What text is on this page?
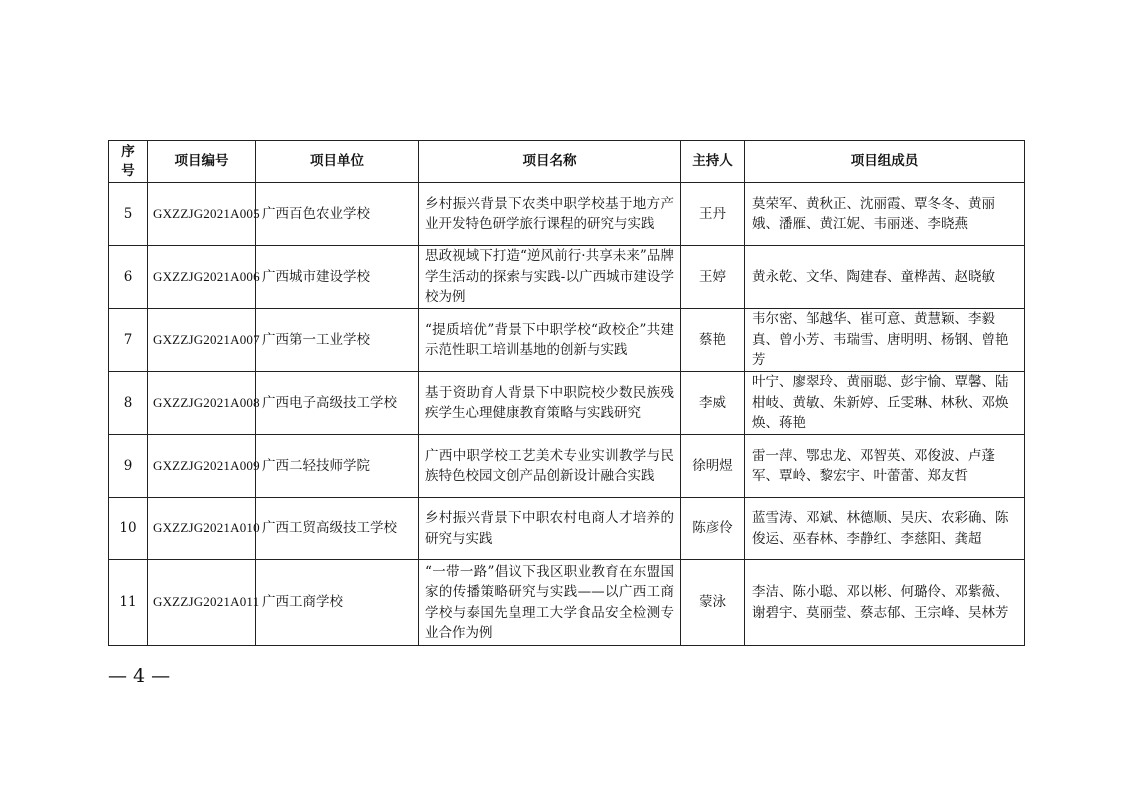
序号	项目编号	项目单位	项目名称	主持人	项目组成员
5	GXZZJG2021A005	广西百色农业学校	乡村振兴背景下农类中职学校基于地方产业开发特色研学旅行课程的研究与实践	王丹	莫荣军、黄秋正、沈丽霞、覃冬冬、黄丽娥、潘雁、黄江妮、韦丽迷、李晓燕
6	GXZZJG2021A006	广西城市建设学校	思政视域下打造“逆风前行·共享未来”品牌学生活动的探索与实践-以广西城市建设学校为例	王婷	黄永乾、文华、陶建春、童桦茜、赵晓敏
7	GXZZJG2021A007	广西第一工业学校	“提质培优”背景下中职学校“政校企”共建示范性职工培训基地的创新与实践	蔡艳	韦尔密、邹越华、崔可意、黄慧颖、李毅真、曾小芳、韦瑞雪、唐明明、杨钢、曾艳芳
8	GXZZJG2021A008	广西电子高级技工学校	基于资助育人背景下中职院校少数民族残疾学生心理健康教育策略与实践研究	李威	叶宁、廖翠玲、黄丽聪、彭宇愉、覃馨、陆柑岐、黄敏、朱新婷、丘雯琳、林秋、邓焕焕、蒋艳
9	GXZZJG2021A009	广西二轻技师学院	广西中职学校工艺美术专业实训教学与民族特色校园文创产品创新设计融合实践	徐明煜	雷一萍、鄂忠龙、邓智英、邓俊波、卢蓬军、覃岭、黎宏宇、叶蕾蕾、郑友哲
10	GXZZJG2021A010	广西工贸高级技工学校	乡村振兴背景下中职农村电商人才培养的研究与实践	陈彦伶	蓝雪涛、邓斌、林德顺、吴庆、农彩确、陈俊运、巫春林、李静红、李慈阳、龚超
11	GXZZJG2021A011	广西工商学校	“一带一路”倡议下我区职业教育在东盟国家的传播策略研究与实践——以广西工商学校与泰国先皇理工大学食品安全检测专业合作为例	蒙泳	李洁、陈小聪、邓以彬、何璐伶、邓紫薇、谢碧宇、莫丽莹、蔡志郁、王宗峰、吴林芳
— 4 —
